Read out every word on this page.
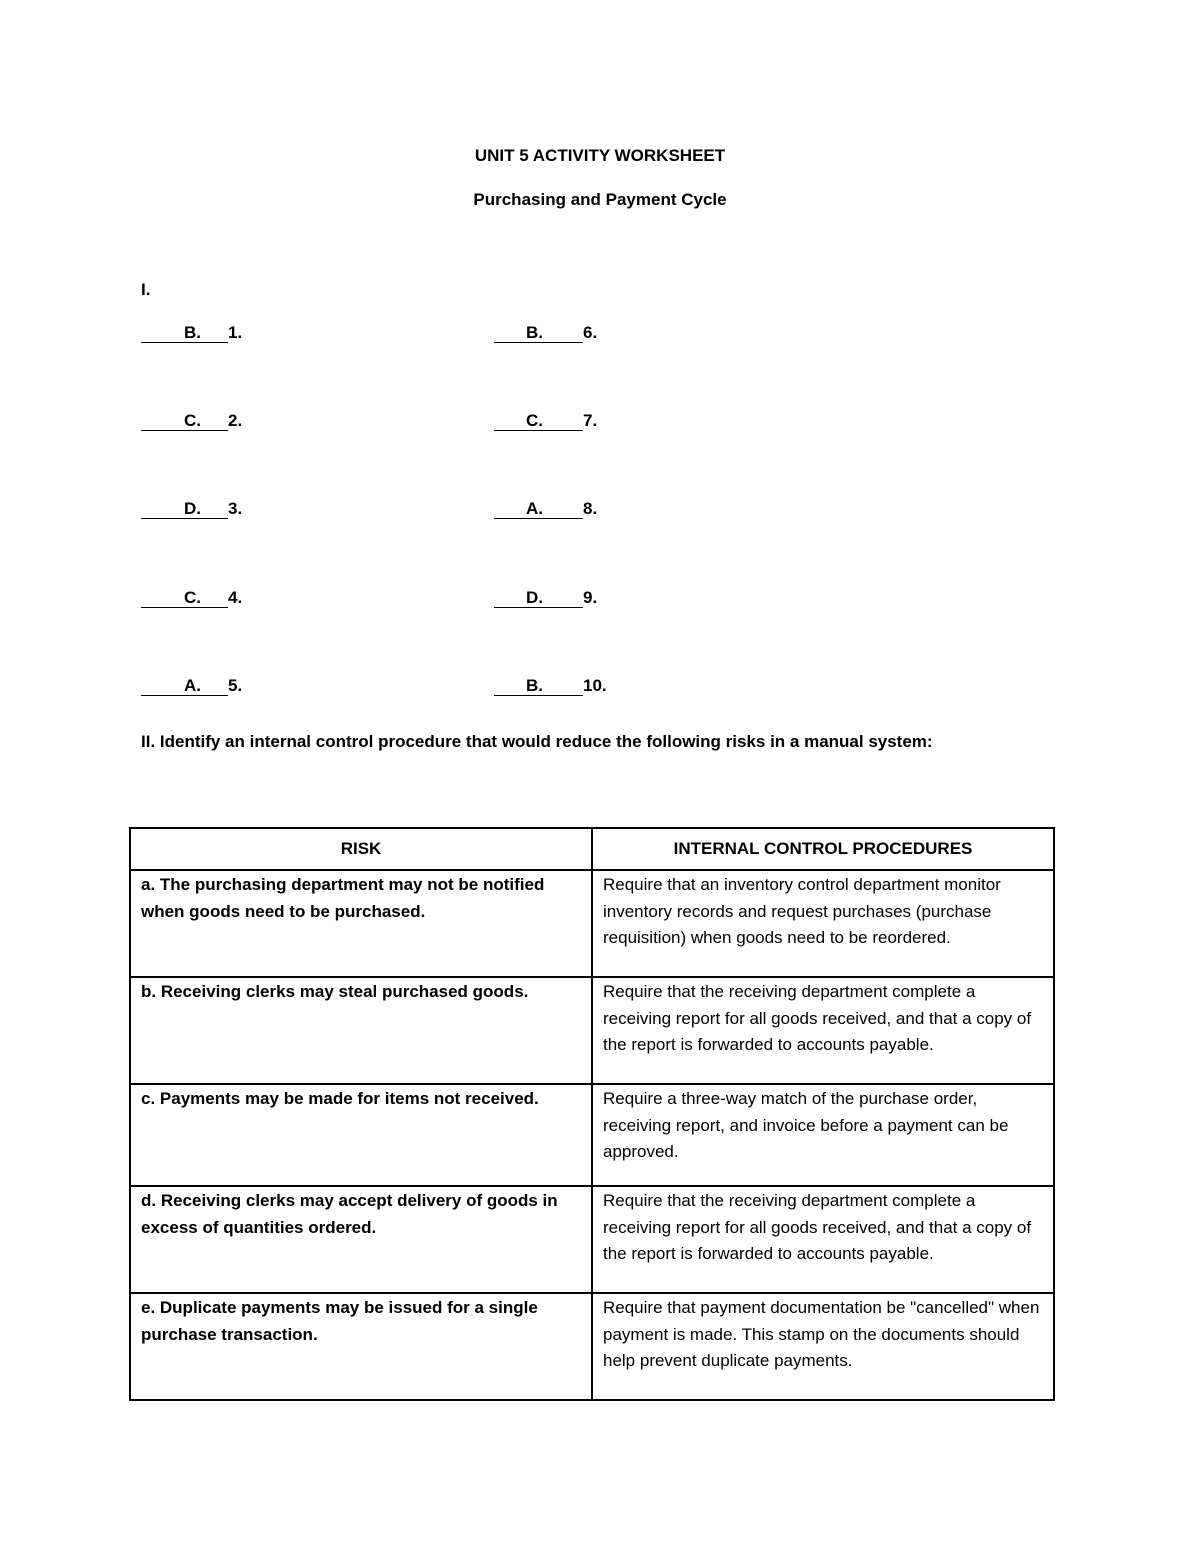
UNIT 5 ACTIVITY WORKSHEET
Purchasing and Payment Cycle
I.
B. 1.
C. 2.
D. 3.
C. 4.
A. 5.
B. 6.
C. 7.
A. 8.
D. 9.
B. 10.
II. Identify an internal control procedure that would reduce the following risks in a manual system:
RISK	INTERNAL CONTROL PROCEDURES
a. The purchasing department may not be notified when goods need to be purchased.	Require that an inventory control department monitor inventory records and request purchases (purchase requisition) when goods need to be reordered.
b. Receiving clerks may steal purchased goods.	Require that the receiving department complete a receiving report for all goods received, and that a copy of the report is forwarded to accounts payable.
c. Payments may be made for items not received.	Require a three-way match of the purchase order, receiving report, and invoice before a payment can be approved.
d. Receiving clerks may accept delivery of goods in excess of quantities ordered.	Require that the receiving department complete a receiving report for all goods received, and that a copy of the report is forwarded to accounts payable.
e. Duplicate payments may be issued for a single purchase transaction.	Require that payment documentation be "cancelled" when payment is made. This stamp on the documents should help prevent duplicate payments.
